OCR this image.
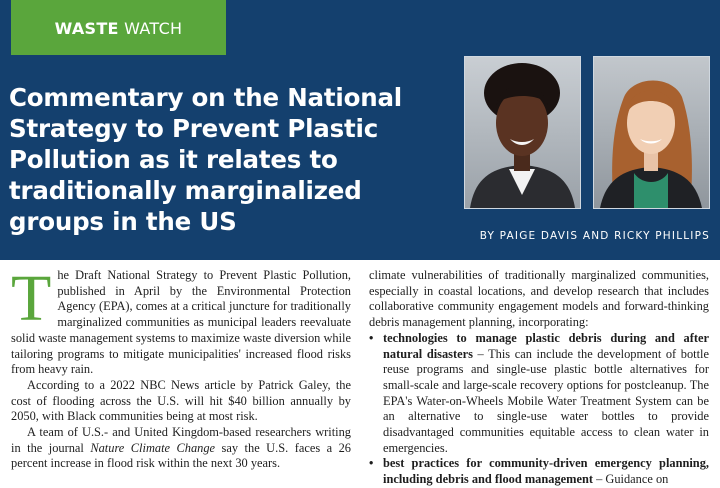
WASTE WATCH
Commentary on the National Strategy to Prevent Plastic Pollution as it relates to traditionally marginalized groups in the US	BY PAIGE DAVIS AND RICKY PHILLIPS
T he Draft National Strategy to Prevent Plastic Pollution, published in April by the Environmental Protection Agency (EPA), comes at a critical juncture for traditionally marginalized communities as municipal leaders reevaluate solid waste management systems to maximize waste diversion while tailoring programs to mitigate municipalities' increased flood risks from heavy rain.

According to a 2022 NBC News article by Patrick Galey, the cost of flooding across the U.S. will hit $40 billion annually by 2050, with Black communities being at most risk.

A team of U.S.- and United Kingdom-based researchers writing in the journal Nature Climate Change say the U.S. faces a 26 percent increase in flood risk within the next 30 years.

climate vulnerabilities of traditionally marginalized communities, especially in coastal locations, and develop research that includes collaborative community engagement models and forward-thinking debris management planning, incorporating:

• technologies to manage plastic debris during and after natural disasters – This can include the development of bottle reuse programs and single-use plastic bottle alternatives for small-scale and large-scale recovery options for postcleanup. The EPA's Water-on-Wheels Mobile Water Treatment System can be an alternative to single-use water bottles to provide disadvantaged communities equitable access to clean water in emergencies.
• best practices for community-driven emergency planning, including debris and flood management – Guidance on
